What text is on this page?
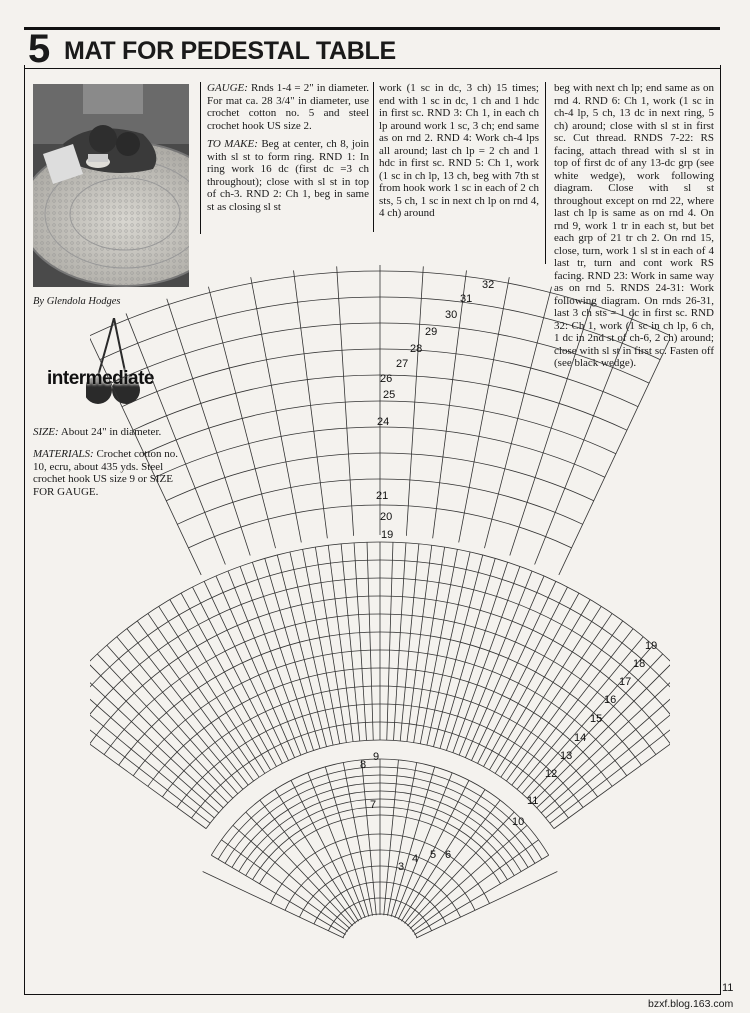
5 MAT FOR PEDESTAL TABLE
By Glendola Hodges
intermediate
SIZE: About 24" in diameter.
MATERIALS: Crochet cotton no. 10, ecru, about 435 yds. Steel crochet hook US size 9 or SIZE FOR GAUGE.

GAUGE: Rnds 1-4 = 2" in diameter. For mat ca. 28 3/4" in diameter, use crochet cotton no. 5 and steel crochet hook US size 2.

TO MAKE: Beg at center, ch 8, join with sl st to form ring. RND 1: In ring work 16 dc (first dc =3 ch throughout); close with sl st in top of ch-3. RND 2: Ch 1, beg in same st as closing sl st

work (1 sc in dc, 3 ch) 15 times; end with 1 sc in dc, 1 ch and 1 hdc in first sc. RND 3: Ch 1, in each ch lp around work 1 sc, 3 ch; end same as on rnd 2. RND 4: Work ch-4 lps all around; last ch lp = 2 ch and 1 hdc in first sc. RND 5: Ch 1, work (1 sc in ch lp, 13 ch, beg with 7th st from hook work 1 sc in each of 2 ch sts, 5 ch, 1 sc in next ch lp on rnd 4, 4 ch) around
beg with next ch lp; end same as on rnd 4. RND 6: Ch 1, work (1 sc in ch-4 lp, 5 ch, 13 dc in next ring, 5 ch) around; close with sl st in first sc. Cut thread. RNDS 7-22: RS facing, attach thread with sl st in top of first dc of any 13-dc grp (see white wedge), work following diagram. Close with sl st throughout except on rnd 22, where last ch lp is same as on rnd 4. On rnd 9, work 1 tr in each st, but bet each grp of 21 tr ch 2. On rnd 15, close, turn, work 1 sl st in each of 4 last tr, turn and cont work RS facing. RND 23: Work in same way as on rnd 5. RNDS 24-31: Work following diagram. On rnds 26-31, last 3 ch sts = 1 dc in first sc. RND 32: Ch 1, work (1 sc in ch lp, 6 ch, 1 dc in 2nd st of ch-6, 2 ch) around; close with sl st in first sc. Fasten off (see black wedge).
32
31
30
29
28
27
26
25
24
21
20
19
19
18
17
16
15
14
13
12
11
10
9
8
7
6
5
4
3
11
bzxf.blog.163.com
